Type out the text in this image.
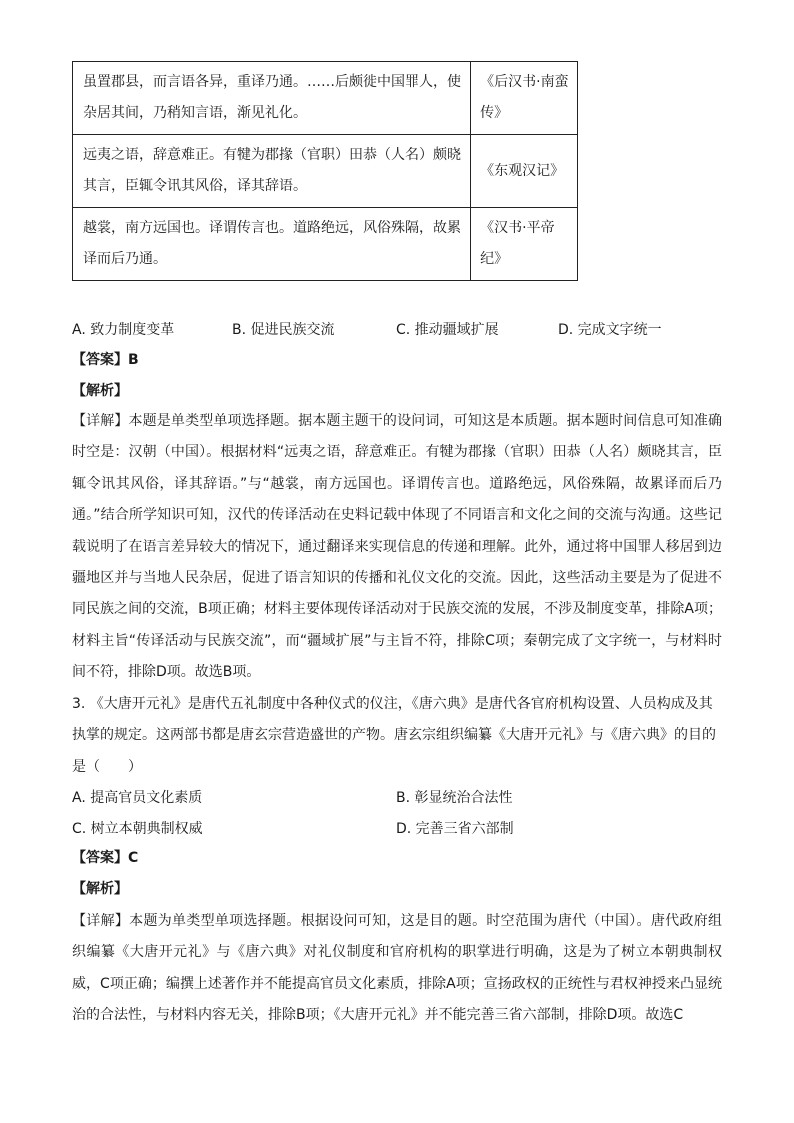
虽置郡县，而言语各异，重译乃通。……后颇徙中国罪人，使杂居其间，乃稍知言语，渐见礼化。	《后汉书·南蛮传》
远夷之语，辞意难正。有犍为郡掾（官职）田恭（人名）颇晓其言，臣辄令讯其风俗，译其辞语。	《东观汉记》
越裳，南方远国也。译谓传言也。道路绝远，风俗殊隔，故累译而后乃通。	《汉书·平帝纪》
A. 致力制度变革	B. 促进民族交流	C. 推动疆域扩展	D. 完成文字统一
【答案】B
【解析】
【详解】本题是单类型单项选择题。据本题主题干的设问词，可知这是本质题。据本题时间信息可知准确时空是：汉朝（中国）。根据材料“远夷之语，辞意难正。有犍为郡掾（官职）田恭（人名）颇晓其言，臣辄令讯其风俗，译其辞语。”与“越裳，南方远国也。译谓传言也。道路绝远，风俗殊隔，故累译而后乃通。”结合所学知识可知，汉代的传译活动在史料记载中体现了不同语言和文化之间的交流与沟通。这些记载说明了在语言差异较大的情况下，通过翻译来实现信息的传递和理解。此外，通过将中国罪人移居到边疆地区并与当地人民杂居，促进了语言知识的传播和礼仪文化的交流。因此，这些活动主要是为了促进不同民族之间的交流，B项正确；材料主要体现传译活动对于民族交流的发展，不涉及制度变革，排除A项；材料主旨“传译活动与民族交流”，而“疆域扩展”与主旨不符，排除C项；秦朝完成了文字统一，与材料时间不符，排除D项。故选B项。
3. 《大唐开元礼》是唐代五礼制度中各种仪式的仪注，《唐六典》是唐代各官府机构设置、人员构成及其执掌的规定。这两部书都是唐玄宗营造盛世的产物。唐玄宗组织编纂《大唐开元礼》与《唐六典》的目的是（　　）
A. 提高官员文化素质	B. 彰显统治合法性
C. 树立本朝典制权威	D. 完善三省六部制
【答案】C
【解析】
【详解】本题为单类型单项选择题。根据设问可知，这是目的题。时空范围为唐代（中国）。唐代政府组织编纂《大唐开元礼》与《唐六典》对礼仪制度和官府机构的职掌进行明确，这是为了树立本朝典制权威，C项正确；编撰上述著作并不能提高官员文化素质，排除A项；宣扬政权的正统性与君权神授来凸显统治的合法性，与材料内容无关，排除B项；《大唐开元礼》并不能完善三省六部制，排除D项。故选C
